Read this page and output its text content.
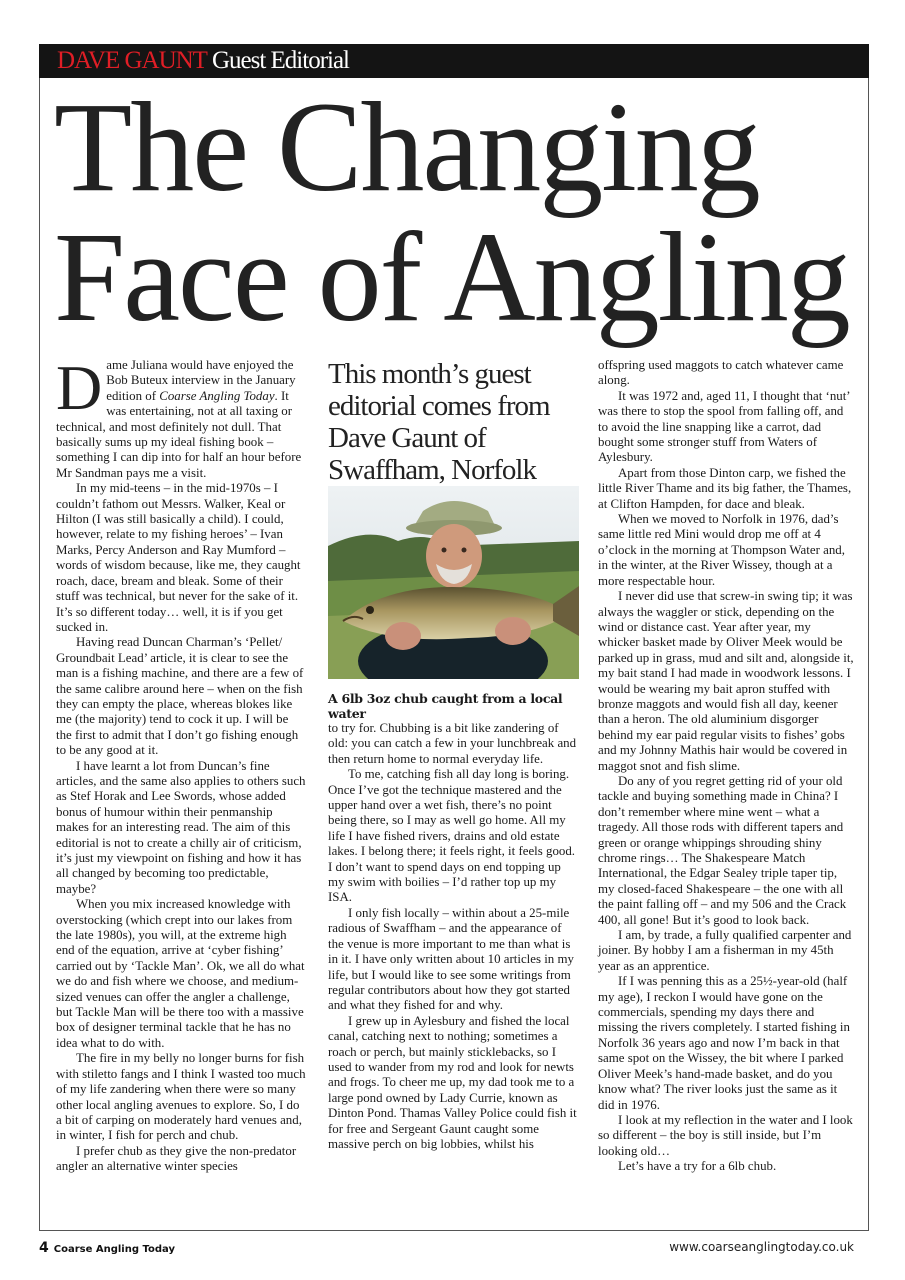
DAVE GAUNT Guest Editorial
The Changing
Face of Angling

Dame Juliana would have enjoyed the Bob Buteux interview in the January edition of Coarse Angling Today. It was entertaining, not at all taxing or technical, and most definitely not dull. That basically sums up my ideal fishing book – something I can dip into for half an hour before Mr Sandman pays me a visit.

In my mid-teens – in the mid-1970s – I couldn’t fathom out Messrs. Walker, Keal or Hilton (I was still basically a child). I could, however, relate to my fishing heroes’ – Ivan Marks, Percy Anderson and Ray Mumford – words of wisdom because, like me, they caught roach, dace, bream and bleak. Some of their stuff was technical, but never for the sake of it. It’s so different today… well, it is if you get sucked in.

Having read Duncan Charman’s ‘Pellet/ Groundbait Lead’ article, it is clear to see the man is a fishing machine, and there are a few of the same calibre around here – when on the fish they can empty the place, whereas blokes like me (the majority) tend to cock it up. I will be the first to admit that I don’t go fishing enough to be any good at it.

I have learnt a lot from Duncan’s fine articles, and the same also applies to others such as Stef Horak and Lee Swords, whose added bonus of humour within their penmanship makes for an interesting read. The aim of this editorial is not to create a chilly air of criticism, it’s just my viewpoint on fishing and how it has all changed by becoming too predictable, maybe?

When you mix increased knowledge with overstocking (which crept into our lakes from the late 1980s), you will, at the extreme high end of the equation, arrive at ‘cyber fishing’ carried out by ‘Tackle Man’. Ok, we all do what we do and fish where we choose, and medium-sized venues can offer the angler a challenge, but Tackle Man will be there too with a massive box of designer terminal tackle that he has no idea what to do with.

The fire in my belly no longer burns for fish with stiletto fangs and I think I wasted too much of my life zandering when there were so many other local angling avenues to explore. So, I do a bit of carping on moderately hard venues and, in winter, I fish for perch and chub.

I prefer chub as they give the non-predator angler an alternative winter species

This month’s guest editorial comes from Dave Gaunt of Swaffham, Norfolk

A 6lb 3oz chub caught from a local water

to try for. Chubbing is a bit like zandering of old: you can catch a few in your lunchbreak and then return home to normal everyday life.

To me, catching fish all day long is boring. Once I’ve got the technique mastered and the upper hand over a wet fish, there’s no point being there, so I may as well go home. All my life I have fished rivers, drains and old estate lakes. I belong there; it feels right, it feels good. I don’t want to spend days on end topping up my swim with boilies – I’d rather top up my ISA.

I only fish locally – within about a 25-mile radious of Swaffham – and the appearance of the venue is more important to me than what is in it. I have only written about 10 articles in my life, but I would like to see some writings from regular contributors about how they got started and what they fished for and why.

I grew up in Aylesbury and fished the local canal, catching next to nothing; sometimes a roach or perch, but mainly sticklebacks, so I used to wander from my rod and look for newts and frogs. To cheer me up, my dad took me to a large pond owned by Lady Currie, known as Dinton Pond. Thamas Valley Police could fish it for free and Sergeant Gaunt caught some massive perch on big lobbies, whilst his

offspring used maggots to catch whatever came along.

It was 1972 and, aged 11, I thought that ‘nut’ was there to stop the spool from falling off, and to avoid the line snapping like a carrot, dad bought some stronger stuff from Waters of Aylesbury.

Apart from those Dinton carp, we fished the little River Thame and its big father, the Thames, at Clifton Hampden, for dace and bleak.

When we moved to Norfolk in 1976, dad’s same little red Mini would drop me off at 4 o’clock in the morning at Thompson Water and, in the winter, at the River Wissey, though at a more respectable hour.

I never did use that screw-in swing tip; it was always the waggler or stick, depending on the wind or distance cast. Year after year, my whicker basket made by Oliver Meek would be parked up in grass, mud and silt and, alongside it, my bait stand I had made in woodwork lessons. I would be wearing my bait apron stuffed with bronze maggots and would fish all day, keener than a heron. The old aluminium disgorger behind my ear paid regular visits to fishes’ gobs and my Johnny Mathis hair would be covered in maggot snot and fish slime.

Do any of you regret getting rid of your old tackle and buying something made in China? I don’t remember where mine went – what a tragedy. All those rods with different tapers and green or orange whippings shrouding shiny chrome rings… The Shakespeare Match International, the Edgar Sealey triple taper tip, my closed-faced Shakespeare – the one with all the paint falling off – and my 506 and the Crack 400, all gone! But it’s good to look back.

I am, by trade, a fully qualified carpenter and joiner. By hobby I am a fisherman in my 45th year as an apprentice.

If I was penning this as a 25½-year-old (half my age), I reckon I would have gone on the commercials, spending my days there and missing the rivers completely. I started fishing in Norfolk 36 years ago and now I’m back in that same spot on the Wissey, the bit where I parked Oliver Meek’s hand-made basket, and do you know what? The river looks just the same as it did in 1976.

I look at my reflection in the water and I look so different – the boy is still inside, but I’m looking old…

Let’s have a try for a 6lb chub.

4 Coarse Angling Today	www.coarseanglingtoday.co.uk
